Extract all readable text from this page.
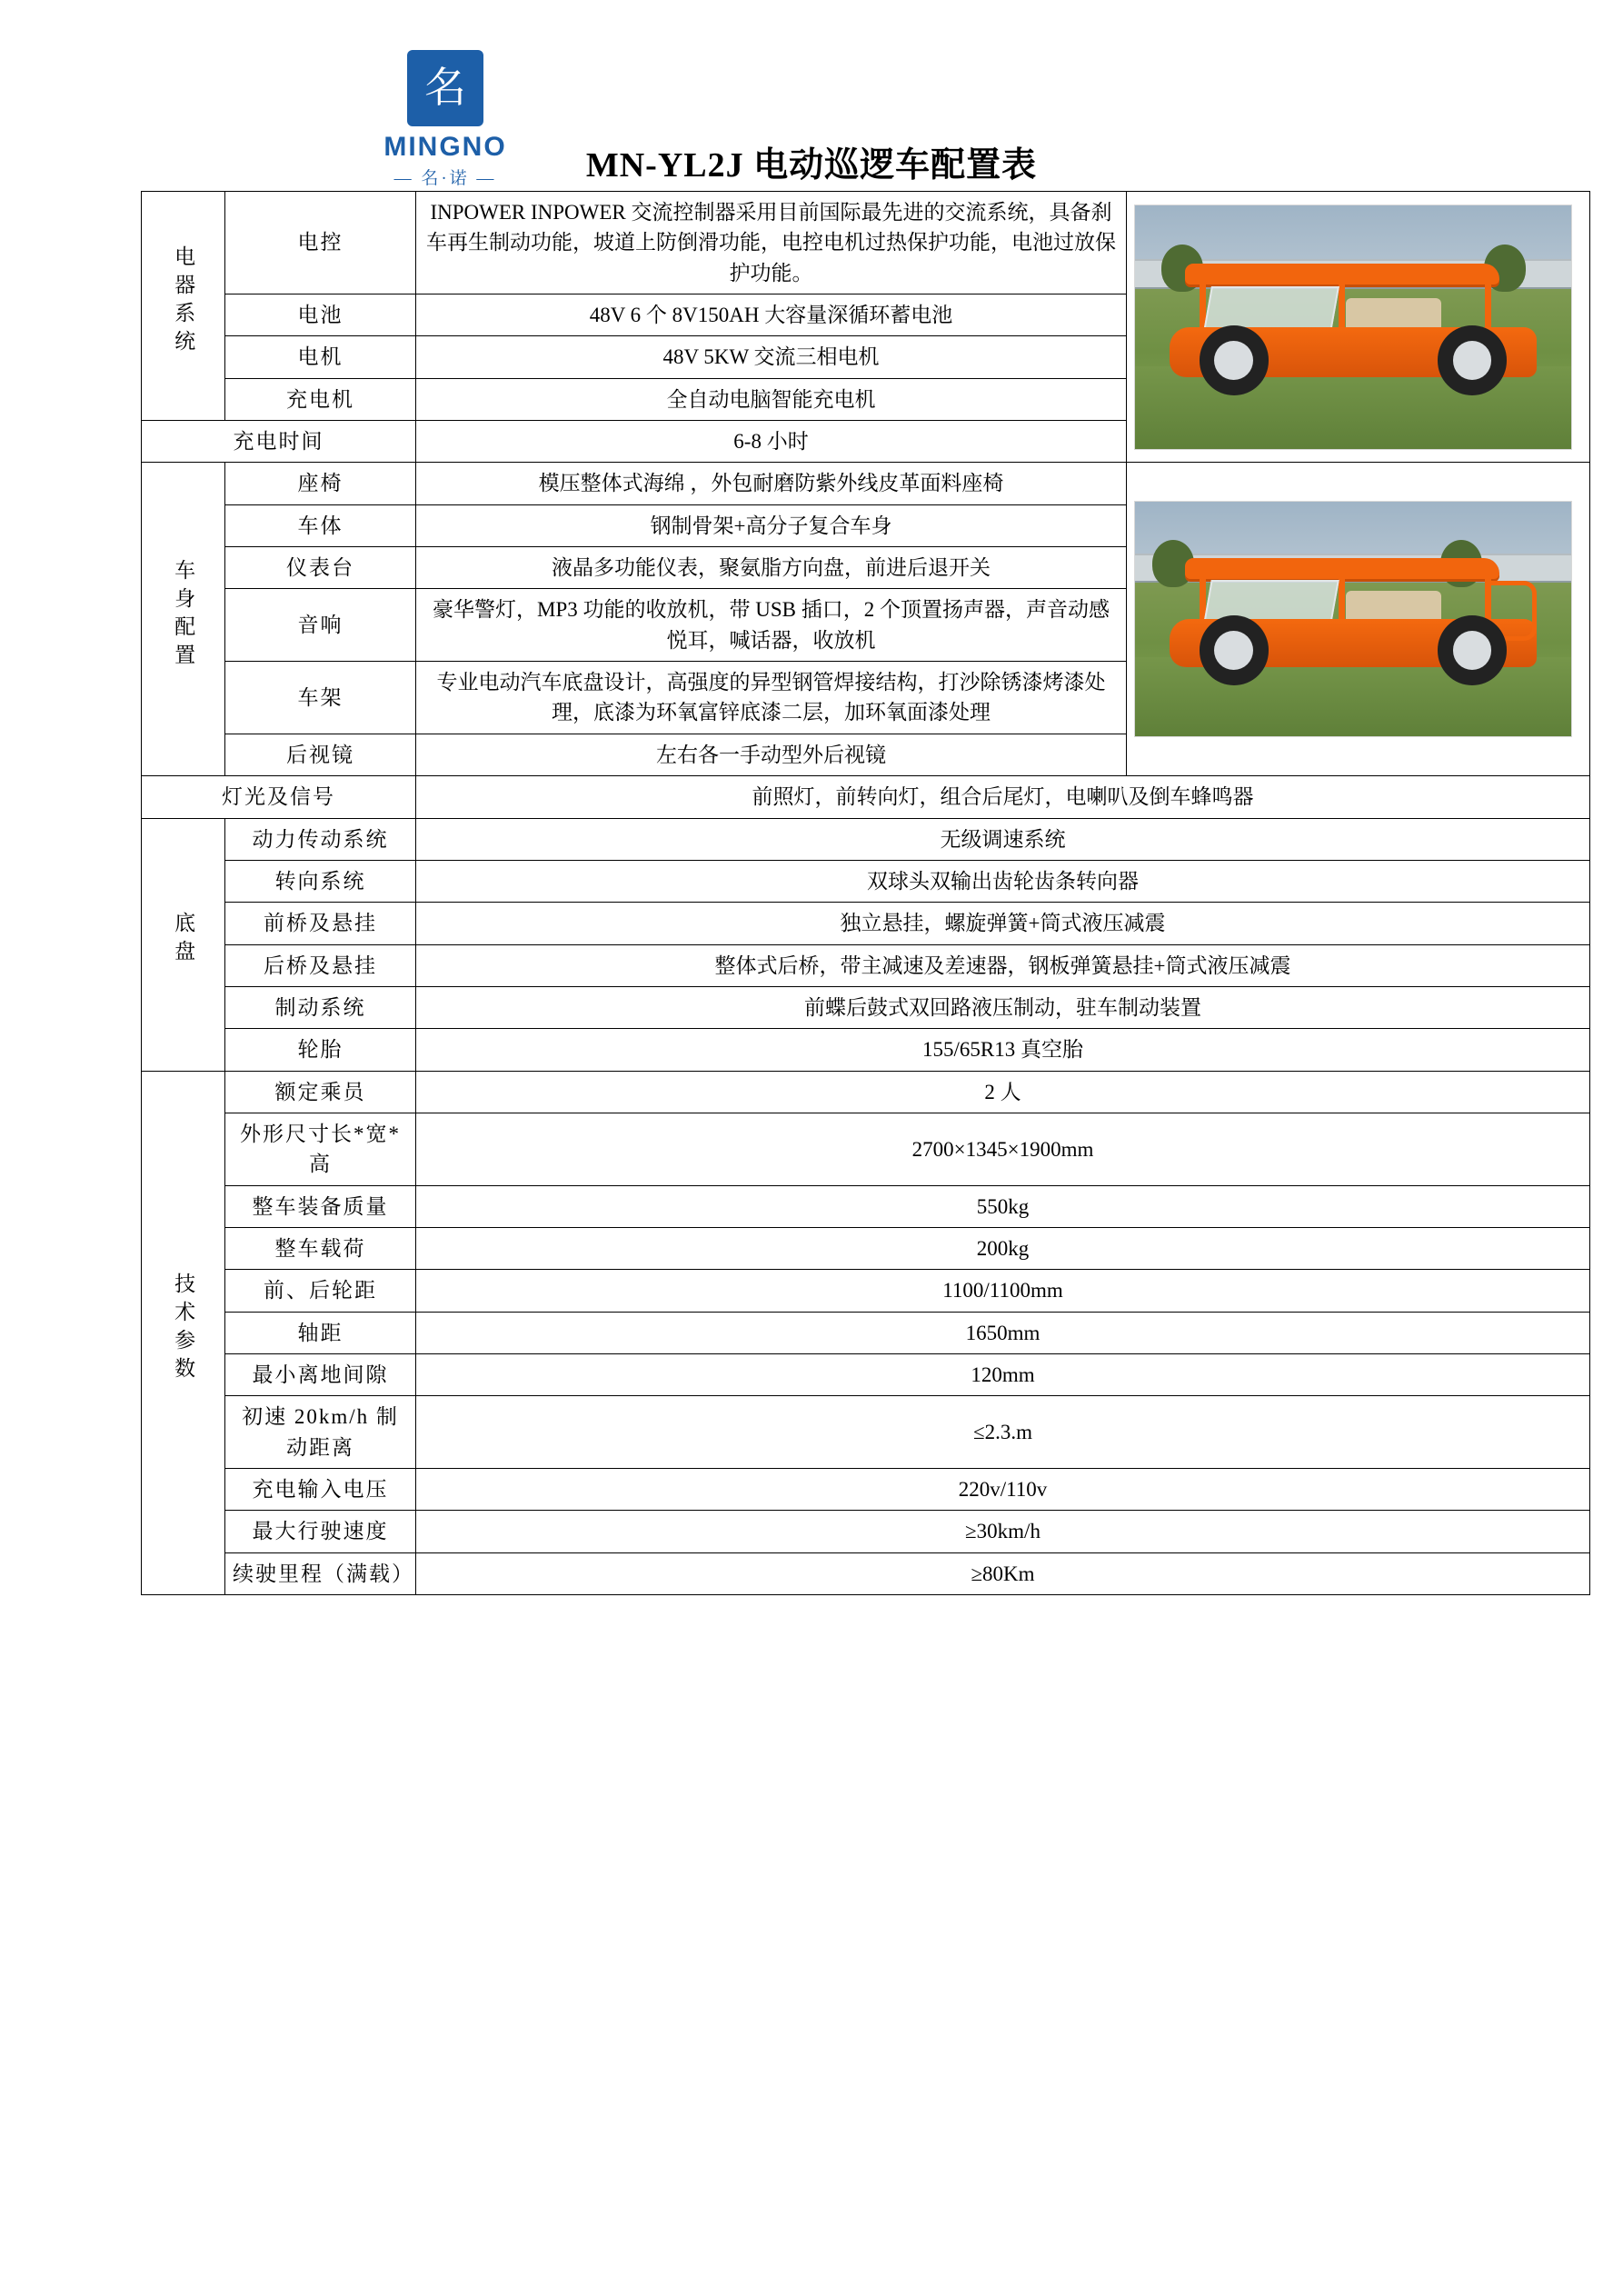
名
MINGNO
— 名·诺 —	MN-YL2J 电动巡逻车配置表
电器系统	电控	INPOWER INPOWER 交流控制器采用目前国际最先进的交流系统，具备刹车再生制动功能，坡道上防倒滑功能，电控电机过热保护功能，电池过放保护功能。	

	电池	48V 6 个 8V150AH 大容量深循环蓄电池	
	电机	48V 5KW 交流三相电机	
	充电机	全自动电脑智能充电机	
充电时间		6-8 小时	
车身配置	座椅	模压整体式海绵 ，外包耐磨防紫外线皮革面料座椅	

	车体	钢制骨架+高分子复合车身	
	仪表台	液晶多功能仪表，聚氨脂方向盘，前进后退开关	
	音响	豪华警灯，MP3 功能的收放机，带 USB 插口，2 个顶置扬声器，声音动感悦耳，喊话器，收放机	
	车架	专业电动汽车底盘设计，高强度的异型钢管焊接结构，打沙除锈漆烤漆处理，底漆为环氧富锌底漆二层，加环氧面漆处理	
	后视镜	左右各一手动型外后视镜	
灯光及信号		前照灯，前转向灯，组合后尾灯，电喇叭及倒车蜂鸣器	
底盘	动力传动系统	无级调速系统	
	转向系统	双球头双输出齿轮齿条转向器	
	前桥及悬挂	独立悬挂，螺旋弹簧+筒式液压减震	
	后桥及悬挂	整体式后桥，带主减速及差速器，钢板弹簧悬挂+筒式液压减震	
	制动系统	前蝶后鼓式双回路液压制动，驻车制动装置	
	轮胎	155/65R13 真空胎	
技术参数	额定乘员	2 人	
	外形尺寸长*宽*高	2700×1345×1900mm	
	整车装备质量	550kg	
	整车载荷	200kg	
	前、后轮距	1100/1100mm	
	轴距	1650mm	
	最小离地间隙	120mm	
	初速 20km/h 制动距离	≤2.3.m	
	充电输入电压	220v/110v	
	最大行驶速度	≥30km/h	
	续驶里程（满载）	≥80Km	
